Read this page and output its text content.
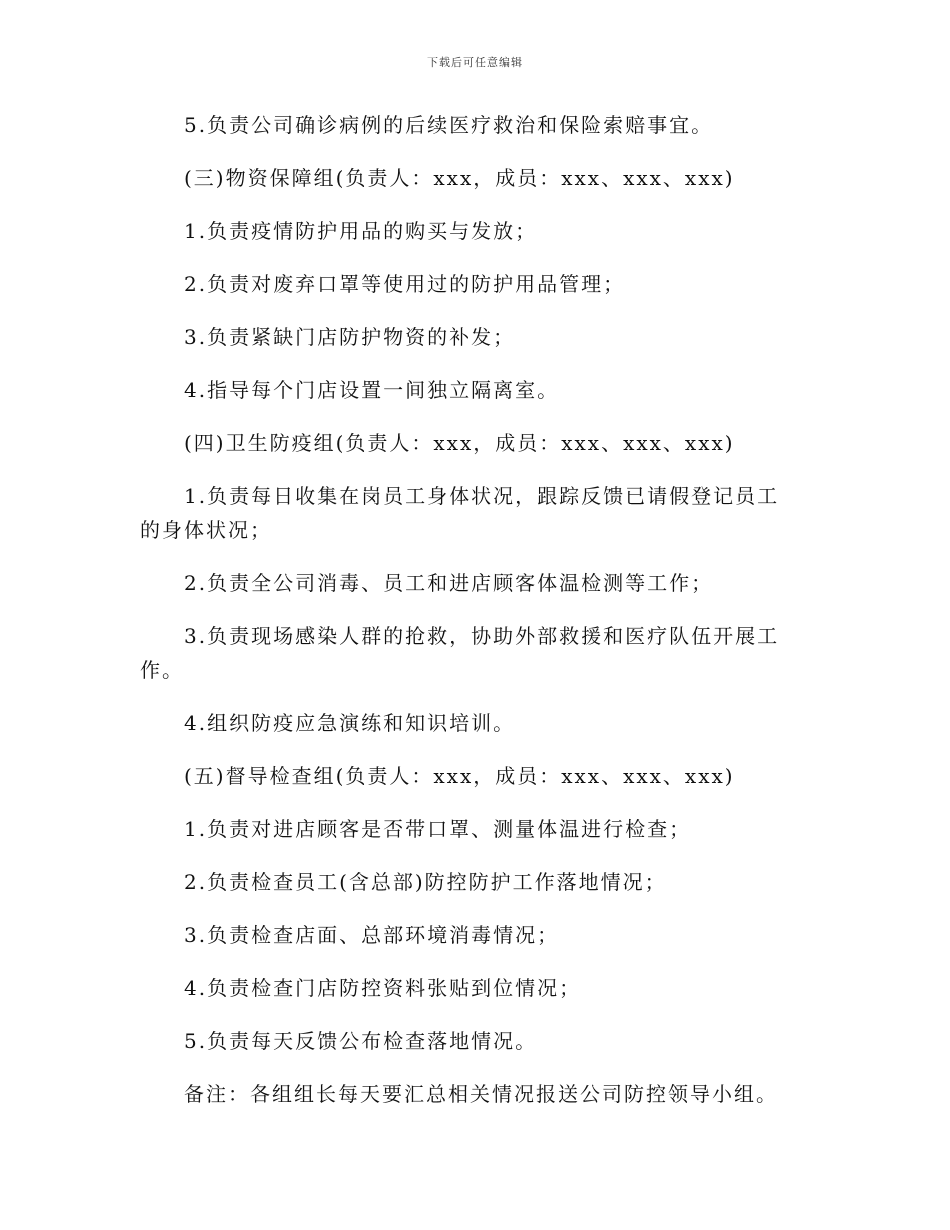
下载后可任意编辑

5.负责公司确诊病例的后续医疗救治和保险索赔事宜。

(三)物资保障组(负责人：xxx，成员：xxx、xxx、xxx)

1.负责疫情防护用品的购买与发放；

2.负责对废弃口罩等使用过的防护用品管理；

3.负责紧缺门店防护物资的补发；

4.指导每个门店设置一间独立隔离室。

(四)卫生防疫组(负责人：xxx，成员：xxx、xxx、xxx)

1.负责每日收集在岗员工身体状况，跟踪反馈已请假登记员工的身体状况；

2.负责全公司消毒、员工和进店顾客体温检测等工作；

3.负责现场感染人群的抢救，协助外部救援和医疗队伍开展工作。

4.组织防疫应急演练和知识培训。

(五)督导检查组(负责人：xxx，成员：xxx、xxx、xxx)

1.负责对进店顾客是否带口罩、测量体温进行检查；

2.负责检查员工(含总部)防控防护工作落地情况；

3.负责检查店面、总部环境消毒情况；

4.负责检查门店防控资料张贴到位情况；

5.负责每天反馈公布检查落地情况。

备注：各组组长每天要汇总相关情况报送公司防控领导小组。
